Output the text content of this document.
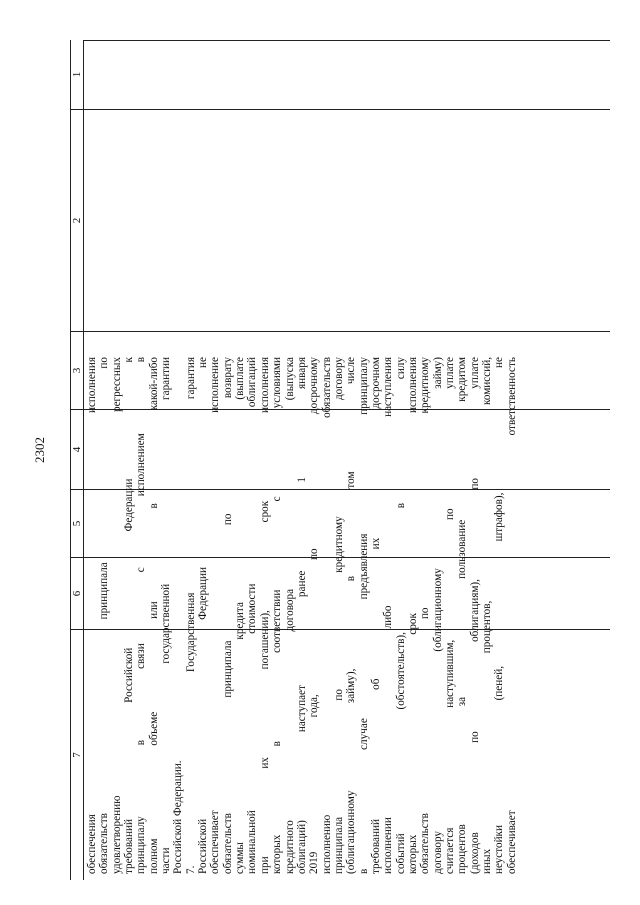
2302
7
6
5
4
3
2
1
обеспечения исполнения обязательств принципала по удовлетворению регрессных требований Российской Федерации к принципалу в связи с исполнением в полном объеме или в какой-либо части государственной гарантии Российской Федерации. 7. Государственная гарантия Российской Федерации не обеспечивает исполнение обязательств принципала по возврату суммы кредита (выплате номинальной стоимости облигаций при их погашении), срок исполнения которых в соответствии с условиями кредитного договора (выпуска облигаций) наступает ранее 1 января 2019 года, по досрочному исполнению обязательств принципала по кредитному договору (облигационному займу), в том числе в случае предъявления принципалу требований об их досрочном исполнении либо наступления событий (обстоятельств), в силу которых срок исполнения обязательств по кредитному договору (облигационному займу) считается наступившим, по уплате процентов за пользование кредитом (доходов по облигациям), по уплате иных процентов, комиссий, неустойки (пеней, штрафов), не обеспечивает ответственность
